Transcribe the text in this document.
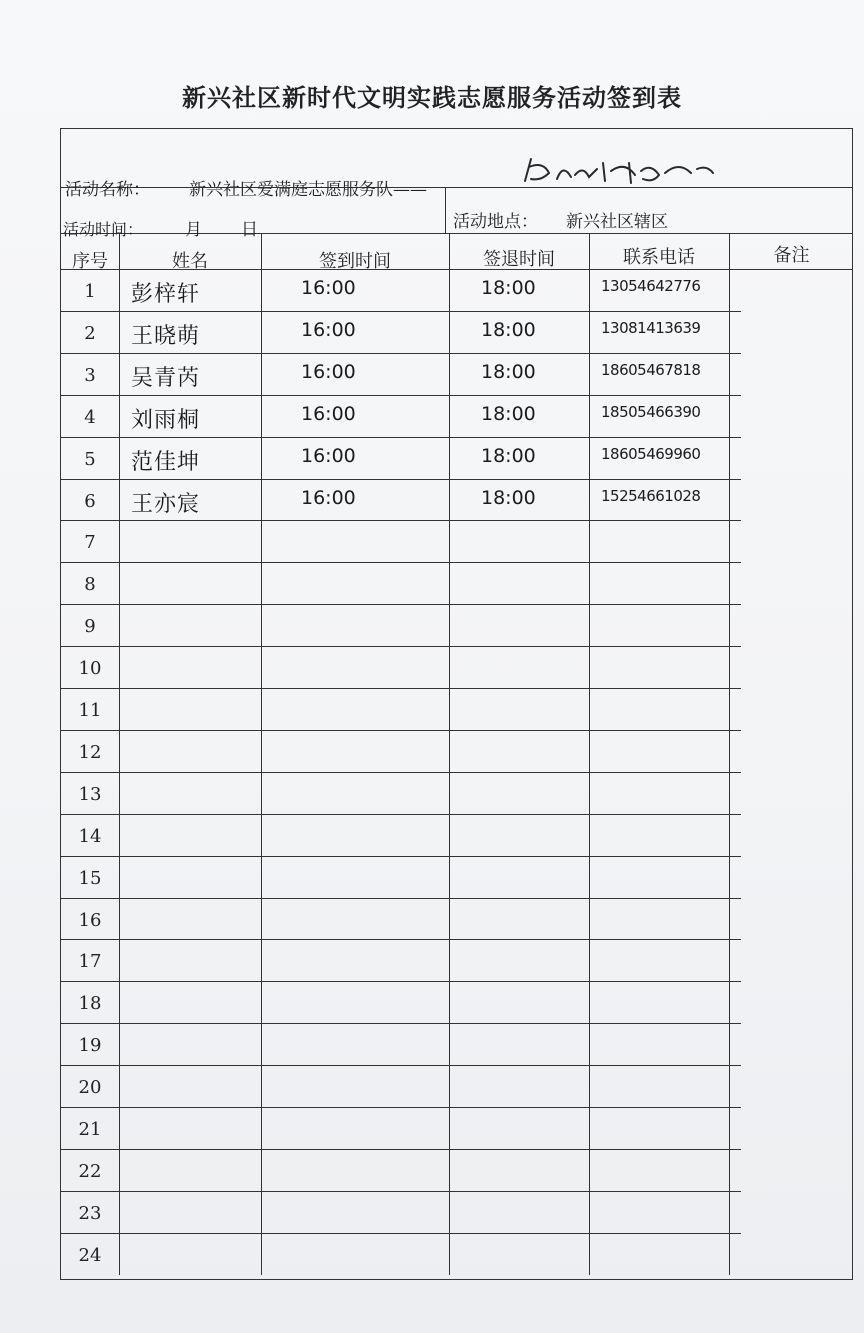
新兴社区新时代文明实践志愿服务活动签到表
活动名称： 新兴社区爱满庭志愿服务队——
活动时间： 月 日	活动地点： 新兴社区辖区
序号	姓名	签到时间	签退时间	联系电话	备注
1	彭梓轩	16:00	18:00	13054642776
2	王晓萌	16:00	18:00	13081413639
3	吴青芮	16:00	18:00	18605467818
4	刘雨桐	16:00	18:00	18505466390
5	范佳坤	16:00	18:00	18605469960
6	王亦宸	16:00	18:00	15254661028
7
8
9
10
11
12
13
14
15
16
17
18
19
20
21
22
23
24
